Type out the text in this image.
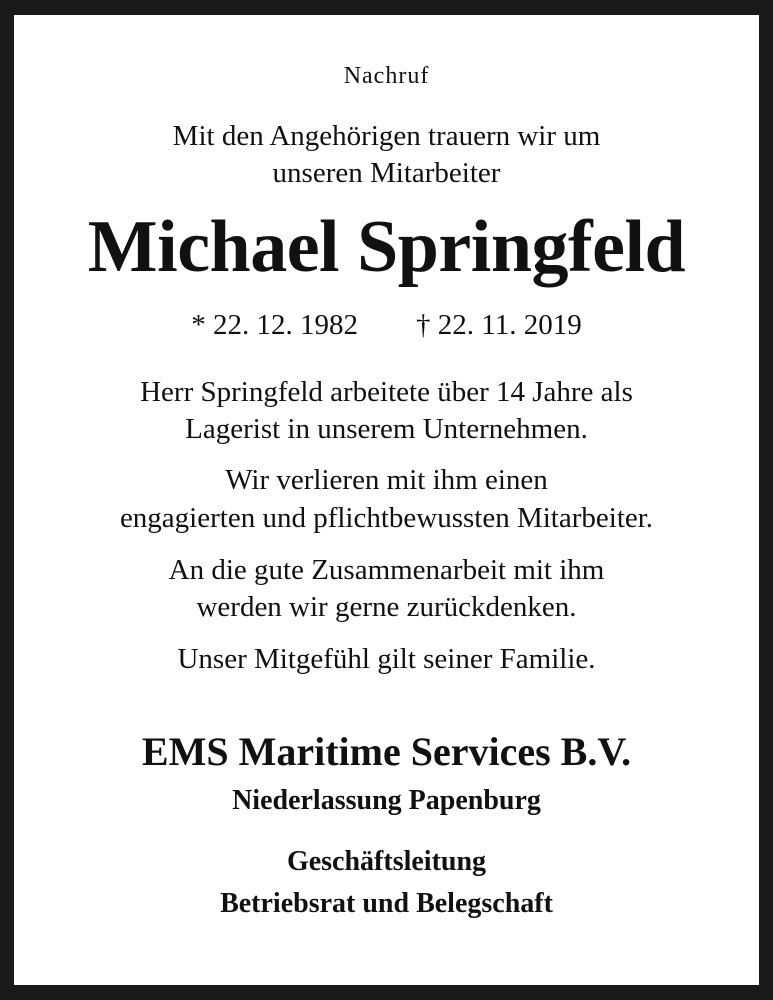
Nachruf
Mit den Angehörigen trauern wir um
unseren Mitarbeiter
Michael Springfeld
* 22. 12. 1982 † 22. 11. 2019
Herr Springfeld arbeitete über 14 Jahre als
Lagerist in unserem Unternehmen.
Wir verlieren mit ihm einen
engagierten und pflichtbewussten Mitarbeiter.
An die gute Zusammenarbeit mit ihm
werden wir gerne zurückdenken.
Unser Mitgefühl gilt seiner Familie.
EMS Maritime Services B.V.
Niederlassung Papenburg
Geschäftsleitung
Betriebsrat und Belegschaft
